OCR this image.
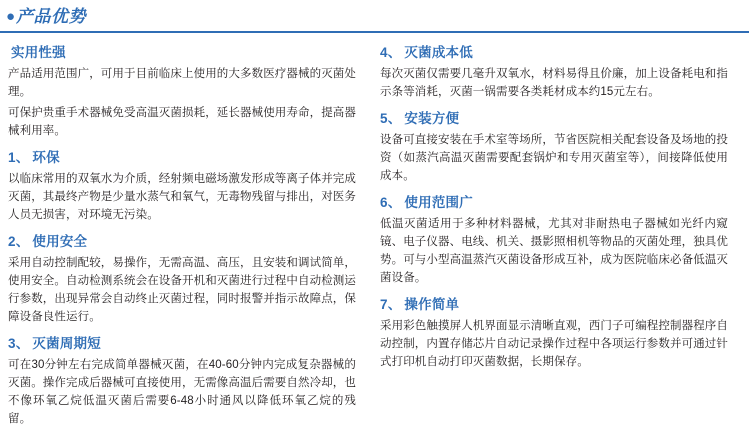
● 产品优势
实用性强

产品适用范围广，可用于目前临床上使用的大多数医疗器械的灭菌处理。

可保护贵重手术器械免受高温灭菌损耗，延长器械使用寿命，提高器械利用率。

1、 环保

以临床常用的双氧水为介质，经射频电磁场激发形成等离子体并完成灭菌，其最终产物是少量水蒸气和氧气，无毒物残留与排出，对医务人员无损害，对环境无污染。

2、 使用安全

采用自动控制配较，易操作，无需高温、高压，且安装和调试简单，使用安全。自动检测系统会在设备开机和灭菌进行过程中自动检测运行参数，出现异常会自动终止灭菌过程，同时报警并指示故障点，保障设备良性运行。

3、 灭菌周期短

可在30分钟左右完成简单器械灭菌，在40-60分钟内完成复杂器械的灭菌。操作完成后器械可直接使用，无需像高温后需要自然冷却，也不像环氧乙烷低温灭菌后需要6-48小时通风以降低环氧乙烷的残留。

4、 灭菌成本低

每次灭菌仅需要几毫升双氧水，材料易得且价廉，加上设备耗电和指示条等消耗，灭菌一锅需要各类耗材成本约15元左右。

5、 安装方便

设备可直接安装在手术室等场所，节省医院相关配套设备及场地的投资（如蒸汽高温灭菌需要配套锅炉和专用灭菌室等），间接降低使用成本。

6、 使用范围广

低温灭菌适用于多种材料器械，尤其对非耐热电子器械如光纤内窥镜、电子仪器、电线、机关、摄影照相机等物品的灭菌处理，独具优势。可与小型高温蒸汽灭菌设备形成互补，成为医院临床必备低温灭菌设备。

7、 操作简单

采用彩色触摸屏人机界面显示清晰直观，西门子可编程控制器程序自动控制，内置存储芯片自动记录操作过程中各项运行参数并可通过针式打印机自动打印灭菌数据，长期保存。
